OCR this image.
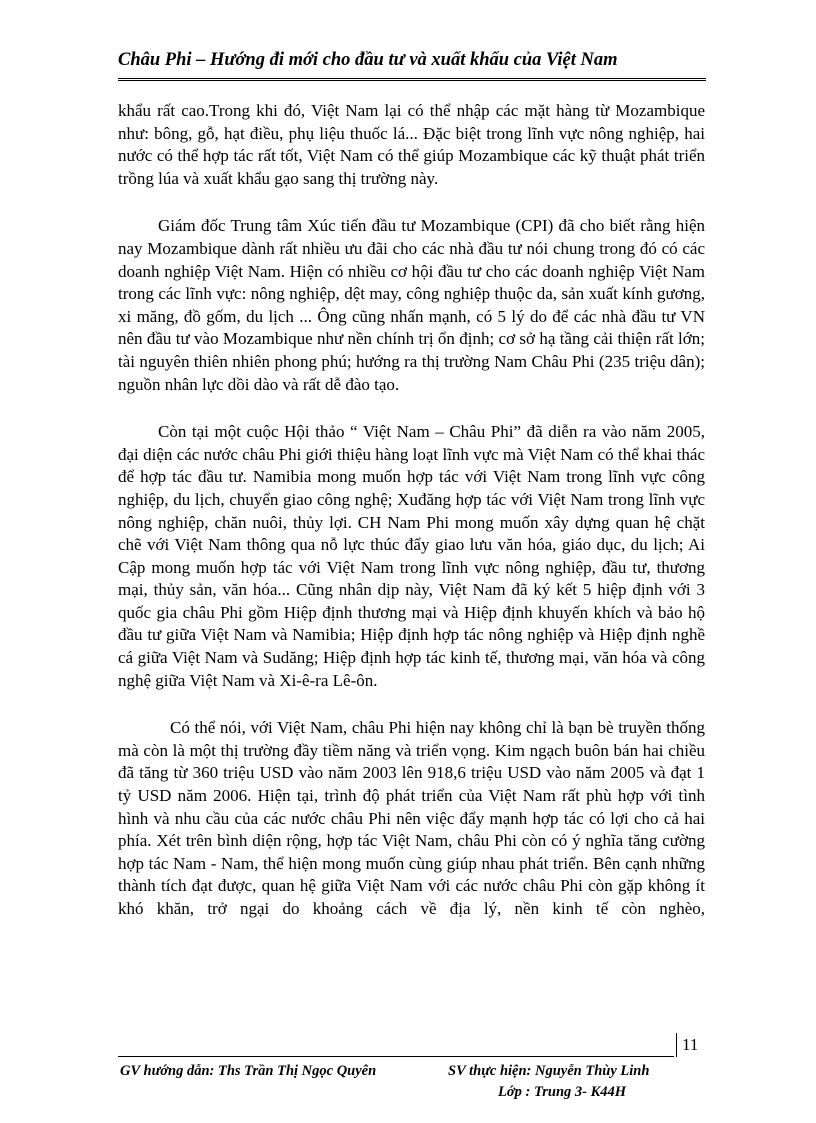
Châu Phi – Hướng đi mới cho đầu tư và xuất khẩu của Việt Nam

khẩu rất cao.Trong khi đó, Việt Nam lại có thể nhập các mặt hàng từ Mozambique như: bông, gỗ, hạt điều, phụ liệu thuốc lá... Đặc biệt trong lĩnh vực nông nghiệp, hai nước có thể hợp tác rất tốt, Việt Nam có thể giúp Mozambique các kỹ thuật phát triển trồng lúa và xuất khẩu gạo sang thị trường này.

Giám đốc Trung tâm Xúc tiến đầu tư Mozambique (CPI) đã cho biết rằng hiện nay Mozambique dành rất nhiều ưu đãi cho các nhà đầu tư nói chung trong đó có các doanh nghiệp Việt Nam. Hiện có nhiều cơ hội đầu tư cho các doanh nghiệp Việt Nam trong các lĩnh vực: nông nghiệp, dệt may, công nghiệp thuộc da, sản xuất kính gương, xi măng, đồ gốm, du lịch ... Ông cũng nhấn mạnh, có 5 lý do để các nhà đầu tư VN nên đầu tư vào Mozambique như nền chính trị ổn định; cơ sở hạ tầng cải thiện rất lớn; tài nguyên thiên nhiên phong phú; hướng ra thị trường Nam Châu Phi (235 triệu dân); nguồn nhân lực dồi dào và rất dễ đào tạo.

Còn tại một cuộc Hội thảo “ Việt Nam – Châu Phi” đã diễn ra vào năm 2005, đại diện các nước châu Phi giới thiệu hàng loạt lĩnh vực mà Việt Nam có thể khai thác để hợp tác đầu tư. Namibia mong muốn hợp tác với Việt Nam trong lĩnh vực công nghiệp, du lịch, chuyển giao công nghệ; Xuđăng hợp tác với Việt Nam trong lĩnh vực nông nghiệp, chăn nuôi, thủy lợi. CH Nam Phi mong muốn xây dựng quan hệ chặt chẽ với Việt Nam thông qua nỗ lực thúc đẩy giao lưu văn hóa, giáo dục, du lịch; Ai Cập mong muốn hợp tác với Việt Nam trong lĩnh vực nông nghiệp, đầu tư, thương mại, thủy sản, văn hóa... Cũng nhân dịp này, Việt Nam đã ký kết 5 hiệp định với 3 quốc gia châu Phi gồm Hiệp định thương mại và Hiệp định khuyến khích và bảo hộ đầu tư giữa Việt Nam và Namibia; Hiệp định hợp tác nông nghiệp và Hiệp định nghề cá giữa Việt Nam và Sudăng; Hiệp định hợp tác kinh tế, thương mại, văn hóa và công nghệ giữa Việt Nam và Xi-ê-ra Lê-ôn.

Có thể nói, với Việt Nam, châu Phi hiện nay không chỉ là bạn bè truyền thống mà còn là một thị trường đầy tiềm năng và triển vọng. Kim ngạch buôn bán hai chiều đã tăng từ 360 triệu USD vào năm 2003 lên 918,6 triệu USD vào năm 2005 và đạt 1 tỷ USD năm 2006. Hiện tại, trình độ phát triển của Việt Nam rất phù hợp với tình hình và nhu cầu của các nước châu Phi nên việc đẩy mạnh hợp tác có lợi cho cả hai phía. Xét trên bình diện rộng, hợp tác Việt Nam, châu Phi còn có ý nghĩa tăng cường hợp tác Nam - Nam, thể hiện mong muốn cùng giúp nhau phát triển. Bên cạnh những thành tích đạt được, quan hệ giữa Việt Nam với các nước châu Phi còn gặp không ít khó khăn, trở ngại do khoảng cách về địa lý, nền kinh tế còn nghèo,

11
GV hướng dẫn: Ths Trần Thị Ngọc Quyên	SV thực hiện: Nguyễn Thùy Linh
Lớp : Trung 3- K44H
